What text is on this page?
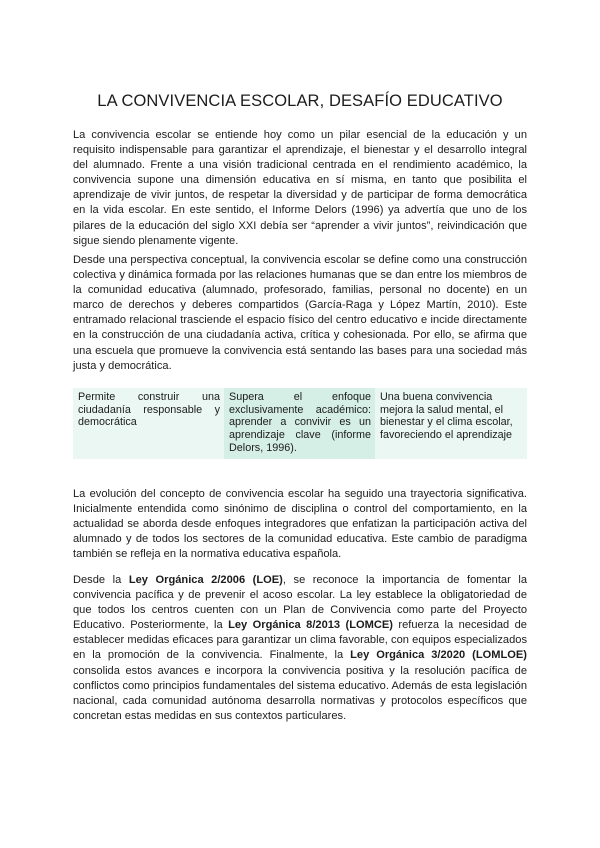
LA CONVIVENCIA ESCOLAR, DESAFÍO EDUCATIVO

La convivencia escolar se entiende hoy como un pilar esencial de la educación y un requisito indispensable para garantizar el aprendizaje, el bienestar y el desarrollo integral del alumnado. Frente a una visión tradicional centrada en el rendimiento académico, la convivencia supone una dimensión educativa en sí misma, en tanto que posibilita el aprendizaje de vivir juntos, de respetar la diversidad y de participar de forma democrática en la vida escolar. En este sentido, el Informe Delors (1996) ya advertía que uno de los pilares de la educación del siglo XXI debía ser “aprender a vivir juntos”, reivindicación que sigue siendo plenamente vigente.

Desde una perspectiva conceptual, la convivencia escolar se define como una construcción colectiva y dinámica formada por las relaciones humanas que se dan entre los miembros de la comunidad educativa (alumnado, profesorado, familias, personal no docente) en un marco de derechos y deberes compartidos (García-Raga y López Martín, 2010). Este entramado relacional trasciende el espacio físico del centro educativo e incide directamente en la construcción de una ciudadanía activa, crítica y cohesionada. Por ello, se afirma que una escuela que promueve la convivencia está sentando las bases para una sociedad más justa y democrática.

Permite construir una ciudadanía responsable y democrática
Supera el enfoque exclusivamente académico: aprender a convivir es un aprendizaje clave (informe Delors, 1996).
Una buena convivencia mejora la salud mental, el bienestar y el clima escolar, favoreciendo el aprendizaje

La evolución del concepto de convivencia escolar ha seguido una trayectoria significativa. Inicialmente entendida como sinónimo de disciplina o control del comportamiento, en la actualidad se aborda desde enfoques integradores que enfatizan la participación activa del alumnado y de todos los sectores de la comunidad educativa. Este cambio de paradigma también se refleja en la normativa educativa española.

Desde la Ley Orgánica 2/2006 (LOE), se reconoce la importancia de fomentar la convivencia pacífica y de prevenir el acoso escolar. La ley establece la obligatoriedad de que todos los centros cuenten con un Plan de Convivencia como parte del Proyecto Educativo. Posteriormente, la Ley Orgánica 8/2013 (LOMCE) refuerza la necesidad de establecer medidas eficaces para garantizar un clima favorable, con equipos especializados en la promoción de la convivencia. Finalmente, la Ley Orgánica 3/2020 (LOMLOE) consolida estos avances e incorpora la convivencia positiva y la resolución pacífica de conflictos como principios fundamentales del sistema educativo. Además de esta legislación nacional, cada comunidad autónoma desarrolla normativas y protocolos específicos que concretan estas medidas en sus contextos particulares.
